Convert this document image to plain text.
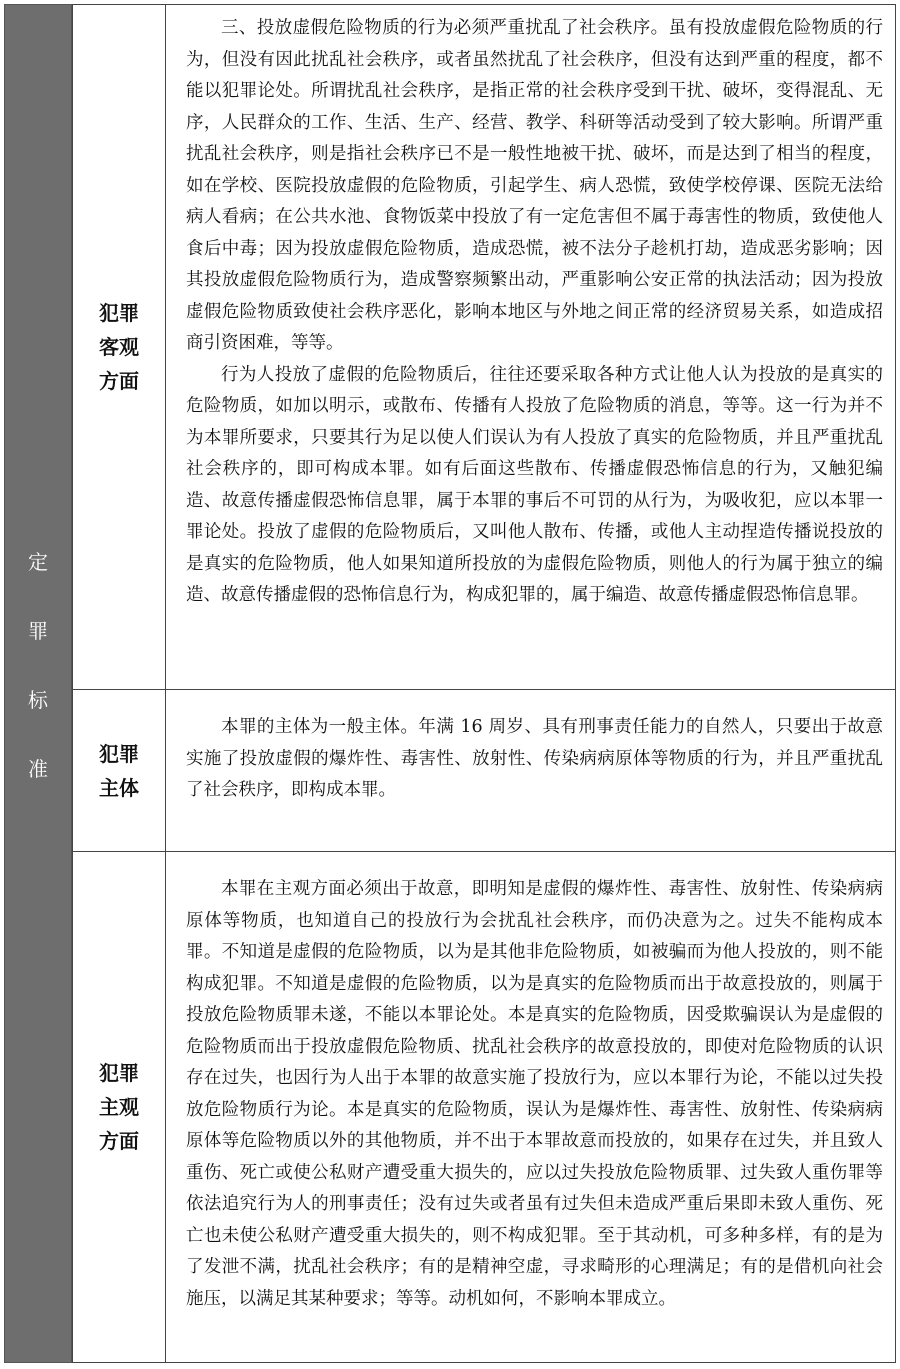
定
罪
标
准
犯罪客观方面

三、投放虚假危险物质的行为必须严重扰乱了社会秩序。虽有投放虚假危险物质的行为，但没有因此扰乱社会秩序，或者虽然扰乱了社会秩序，但没有达到严重的程度，都不能以犯罪论处。所谓扰乱社会秩序，是指正常的社会秩序受到干扰、破坏，变得混乱、无序，人民群众的工作、生活、生产、经营、教学、科研等活动受到了较大影响。所谓严重扰乱社会秩序，则是指社会秩序已不是一般性地被干扰、破坏，而是达到了相当的程度，如在学校、医院投放虚假的危险物质，引起学生、病人恐慌，致使学校停课、医院无法给病人看病；在公共水池、食物饭菜中投放了有一定危害但不属于毒害性的物质，致使他人食后中毒；因为投放虚假危险物质，造成恐慌，被不法分子趁机打劫，造成恶劣影响；因其投放虚假危险物质行为，造成警察频繁出动，严重影响公安正常的执法活动；因为投放虚假危险物质致使社会秩序恶化，影响本地区与外地之间正常的经济贸易关系，如造成招商引资困难，等等。

行为人投放了虚假的危险物质后，往往还要采取各种方式让他人认为投放的是真实的危险物质，如加以明示，或散布、传播有人投放了危险物质的消息，等等。这一行为并不为本罪所要求，只要其行为足以使人们误认为有人投放了真实的危险物质，并且严重扰乱社会秩序的，即可构成本罪。如有后面这些散布、传播虚假恐怖信息的行为，又触犯编造、故意传播虚假恐怖信息罪，属于本罪的事后不可罚的从行为，为吸收犯，应以本罪一罪论处。投放了虚假的危险物质后，又叫他人散布、传播，或他人主动捏造传播说投放的是真实的危险物质，他人如果知道所投放的为虚假危险物质，则他人的行为属于独立的编造、故意传播虚假的恐怖信息行为，构成犯罪的，属于编造、故意传播虚假恐怖信息罪。

犯罪主体

本罪的主体为一般主体。年满 16 周岁、具有刑事责任能力的自然人，只要出于故意实施了投放虚假的爆炸性、毒害性、放射性、传染病病原体等物质的行为，并且严重扰乱了社会秩序，即构成本罪。

犯罪主观方面

本罪在主观方面必须出于故意，即明知是虚假的爆炸性、毒害性、放射性、传染病病原体等物质，也知道自己的投放行为会扰乱社会秩序，而仍决意为之。过失不能构成本罪。不知道是虚假的危险物质，以为是其他非危险物质，如被骗而为他人投放的，则不能构成犯罪。不知道是虚假的危险物质，以为是真实的危险物质而出于故意投放的，则属于投放危险物质罪未遂，不能以本罪论处。本是真实的危险物质，因受欺骗误认为是虚假的危险物质而出于投放虚假危险物质、扰乱社会秩序的故意投放的，即使对危险物质的认识存在过失，也因行为人出于本罪的故意实施了投放行为，应以本罪行为论，不能以过失投放危险物质行为论。本是真实的危险物质，误认为是爆炸性、毒害性、放射性、传染病病原体等危险物质以外的其他物质，并不出于本罪故意而投放的，如果存在过失，并且致人重伤、死亡或使公私财产遭受重大损失的，应以过失投放危险物质罪、过失致人重伤罪等依法追究行为人的刑事责任；没有过失或者虽有过失但未造成严重后果即未致人重伤、死亡也未使公私财产遭受重大损失的，则不构成犯罪。至于其动机，可多种多样，有的是为了发泄不满，扰乱社会秩序；有的是精神空虚，寻求畸形的心理满足；有的是借机向社会施压，以满足其某种要求；等等。动机如何，不影响本罪成立。
